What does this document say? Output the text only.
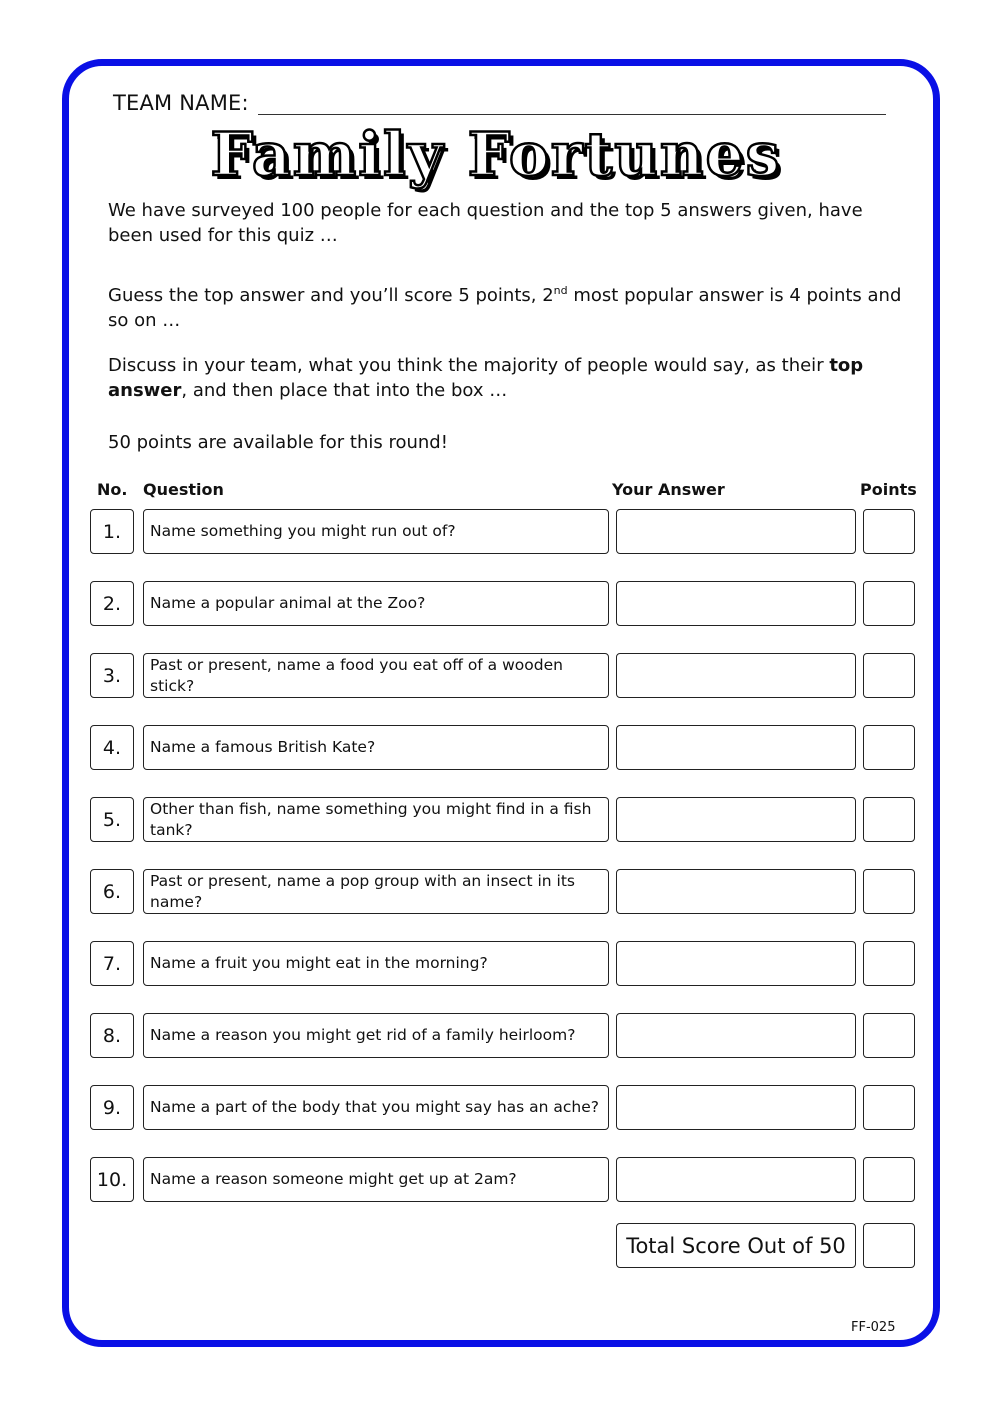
TEAM NAME:
Family Fortunes
We have surveyed 100 people for each question and the top 5 answers given, have been used for this quiz …
Guess the top answer and you’ll score 5 points, 2nd most popular answer is 4 points and so on …
Discuss in your team, what you think the majority of people would say, as their top answer, and then place that into the box …
50 points are available for this round!
No. Question	Your Answer	Points
1.	Name something you might run out of?
2.	Name a popular animal at the Zoo?
3.	Past or present, name a food you eat off of a wooden stick?
4.	Name a famous British Kate?
5.	Other than fish, name something you might find in a fish tank?
6.	Past or present, name a pop group with an insect in its name?
7.	Name a fruit you might eat in the morning?
8.	Name a reason you might get rid of a family heirloom?
9.	Name a part of the body that you might say has an ache?
10.	Name a reason someone might get up at 2am?
Total Score Out of 50
FF-025
